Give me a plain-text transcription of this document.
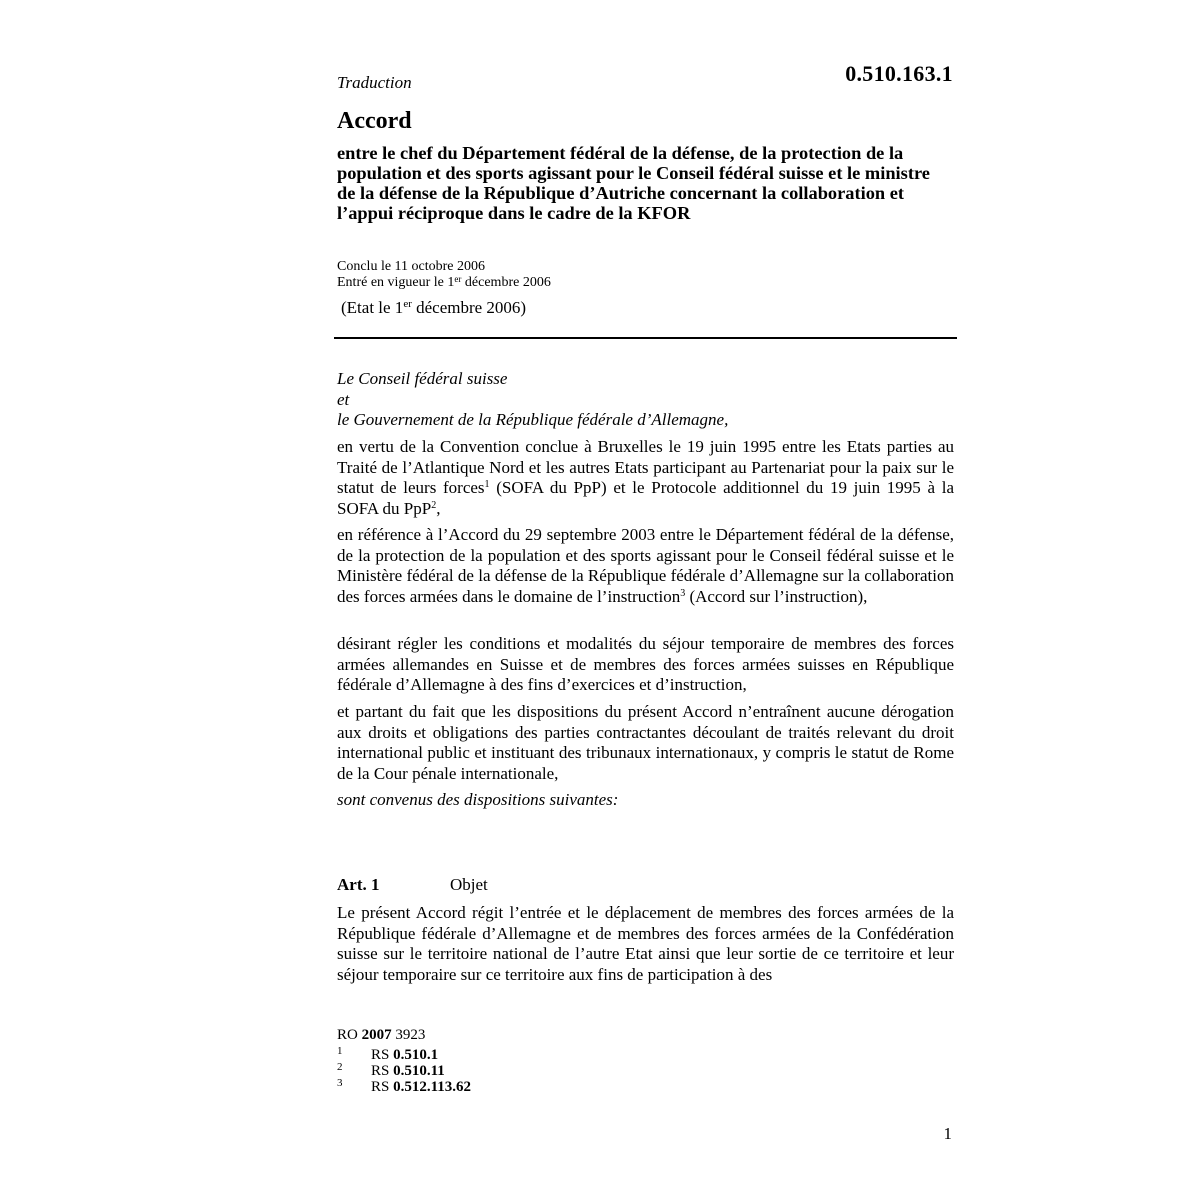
Traduction	0.510.163.1
Accord
entre le chef du Département fédéral de la défense, de la protection de la population et des sports agissant pour le Conseil fédéral suisse et le ministre de la défense de la République d’Autriche concernant la collaboration et l’appui réciproque dans le cadre de la KFOR
Conclu le 11 octobre 2006
Entré en vigueur le 1er décembre 2006
(Etat le 1er décembre 2006)
Le Conseil fédéral suisse
et
le Gouvernement de la République fédérale d’Allemagne,
en vertu de la Convention conclue à Bruxelles le 19 juin 1995 entre les Etats parties au Traité de l’Atlantique Nord et les autres Etats participant au Partenariat pour la paix sur le statut de leurs forces$^1$ (SOFA du PpP) et le Protocole additionnel du 19 juin 1995 à la SOFA du PpP$^2$,
en référence à l’Accord du 29 septembre 2003 entre le Département fédéral de la défense, de la protection de la population et des sports agissant pour le Conseil fédéral suisse et le Ministère fédéral de la défense de la République fédérale d’Allemagne sur la collaboration des forces armées dans le domaine de l’instruction$^3$ (Accord sur l’instruction),
désirant régler les conditions et modalités du séjour temporaire de membres des forces armées allemandes en Suisse et de membres des forces armées suisses en République fédérale d’Allemagne à des fins d’exercices et d’instruction,
et partant du fait que les dispositions du présent Accord n’entraînent aucune dérogation aux droits et obligations des parties contractantes découlant de traités relevant du droit international public et instituant des tribunaux internationaux, y compris le statut de Rome de la Cour pénale internationale,
sont convenus des dispositions suivantes:
Art. 1	Objet
Le présent Accord régit l’entrée et le déplacement de membres des forces armées de la République fédérale d’Allemagne et de membres des forces armées de la Confédération suisse sur le territoire national de l’autre Etat ainsi que leur sortie de ce territoire et leur séjour temporaire sur ce territoire aux fins de participation à des
RO 2007 3923
1 RS 0.510.1
2 RS 0.510.11
3 RS 0.512.113.62
1
